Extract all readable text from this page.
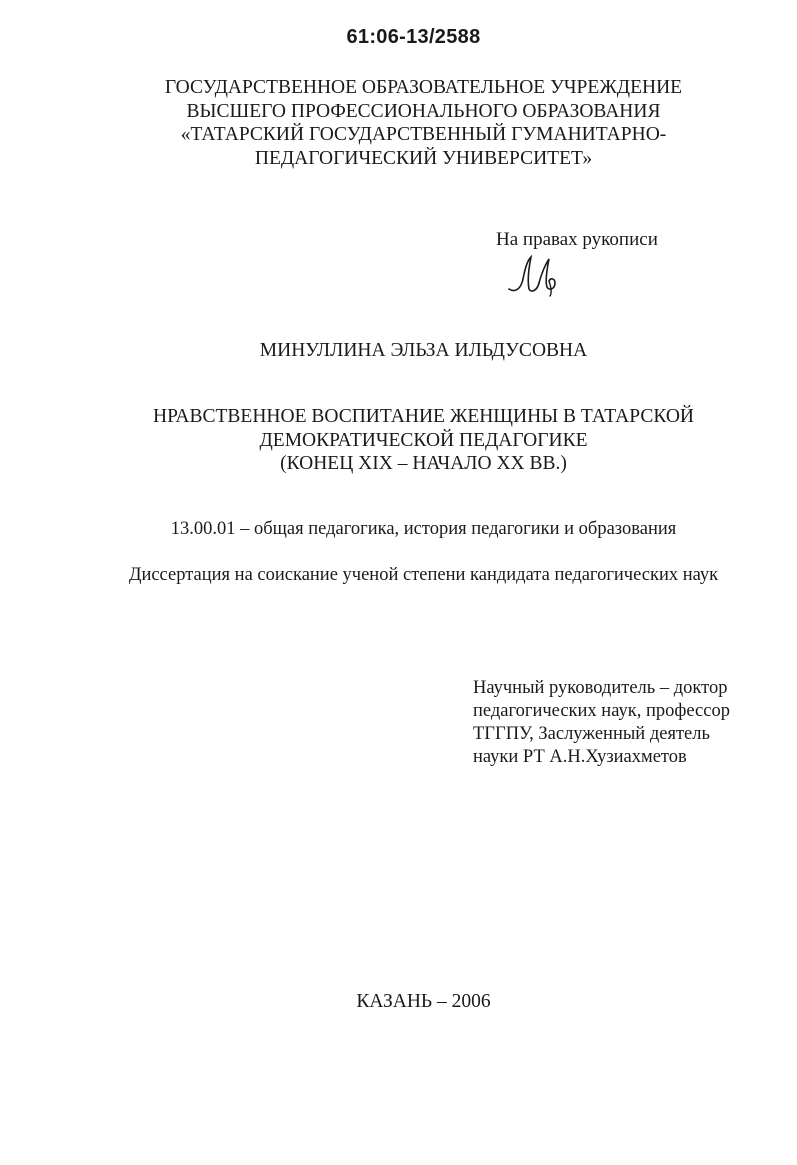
61:06-13/2588
ГОСУДАРСТВЕННОЕ ОБРАЗОВАТЕЛЬНОЕ УЧРЕЖДЕНИЕ
ВЫСШЕГО ПРОФЕССИОНАЛЬНОГО ОБРАЗОВАНИЯ
«ТАТАРСКИЙ ГОСУДАРСТВЕННЫЙ ГУМАНИТАРНО-
ПЕДАГОГИЧЕСКИЙ УНИВЕРСИТЕТ»
На правах рукописи
МИНУЛЛИНА ЭЛЬЗА ИЛЬДУСОВНА
НРАВСТВЕННОЕ ВОСПИТАНИЕ ЖЕНЩИНЫ В ТАТАРСКОЙ
ДЕМОКРАТИЧЕСКОЙ ПЕДАГОГИКЕ
(КОНЕЦ XIX – НАЧАЛО XX ВВ.)
13.00.01 – общая педагогика, история педагогики и образования
Диссертация на соискание ученой степени кандидата педагогических наук
Научный руководитель – доктор
педагогических наук, профессор
ТГГПУ, Заслуженный деятель
науки РТ А.Н.Хузиахметов
КАЗАНЬ – 2006
